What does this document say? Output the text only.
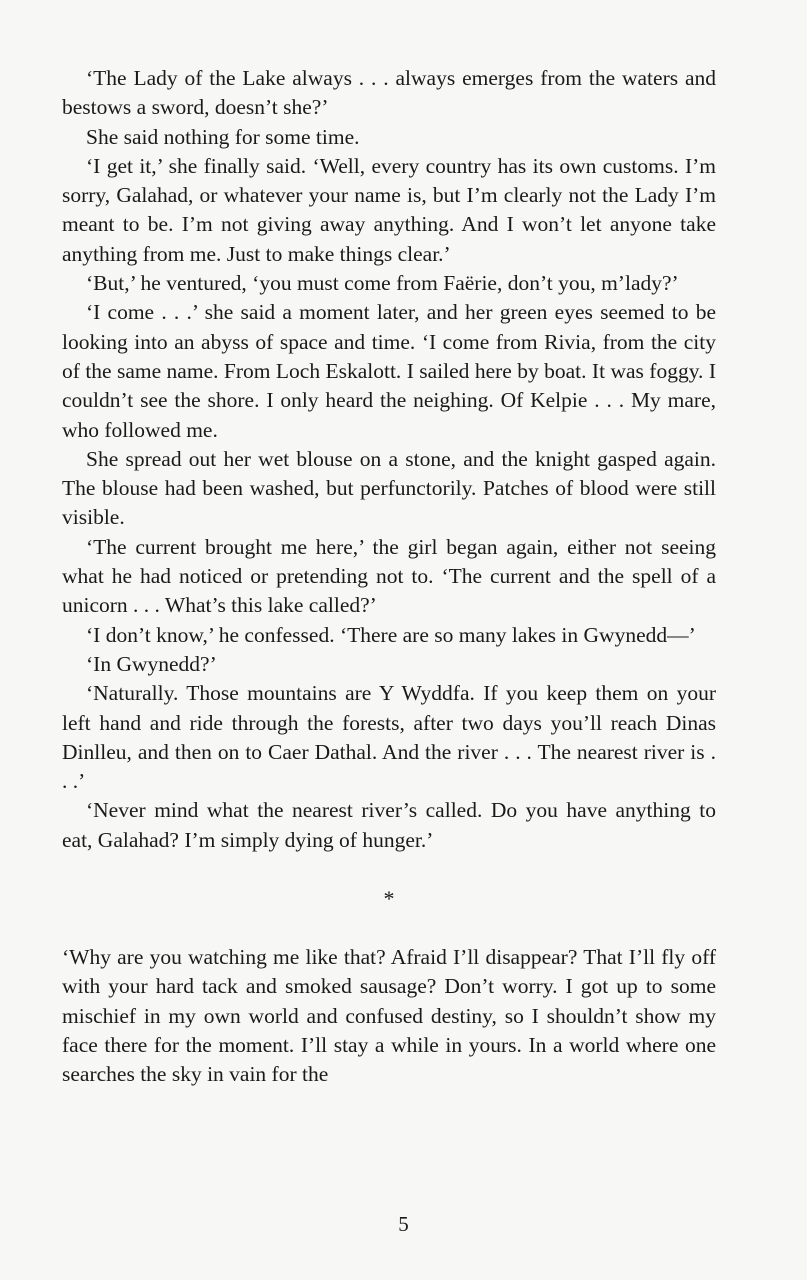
‘The Lady of the Lake always . . . always emerges from the waters and bestows a sword, doesn’t she?’

She said nothing for some time.

‘I get it,’ she finally said. ‘Well, every country has its own customs. I’m sorry, Galahad, or whatever your name is, but I’m clearly not the Lady I’m meant to be. I’m not giving away anything. And I won’t let anyone take anything from me. Just to make things clear.’

‘But,’ he ventured, ‘you must come from Faërie, don’t you, m’lady?’

‘I come . . .’ she said a moment later, and her green eyes seemed to be looking into an abyss of space and time. ‘I come from Rivia, from the city of the same name. From Loch Eskalott. I sailed here by boat. It was foggy. I couldn’t see the shore. I only heard the neighing. Of Kelpie . . . My mare, who followed me.

She spread out her wet blouse on a stone, and the knight gasped again. The blouse had been washed, but perfunctorily. Patches of blood were still visible.

‘The current brought me here,’ the girl began again, either not seeing what he had noticed or pretending not to. ‘The current and the spell of a unicorn . . . What’s this lake called?’

‘I don’t know,’ he confessed. ‘There are so many lakes in Gwynedd—’

‘In Gwynedd?’

‘Naturally. Those mountains are Y Wyddfa. If you keep them on your left hand and ride through the forests, after two days you’ll reach Dinas Dinlleu, and then on to Caer Dathal. And the river . . . The nearest river is . . .’

‘Never mind what the nearest river’s called. Do you have anything to eat, Galahad? I’m simply dying of hunger.’

*

‘Why are you watching me like that? Afraid I’ll disappear? That I’ll fly off with your hard tack and smoked sausage? Don’t worry. I got up to some mischief in my own world and confused destiny, so I shouldn’t show my face there for the moment. I’ll stay a while in yours. In a world where one searches the sky in vain for the

5
